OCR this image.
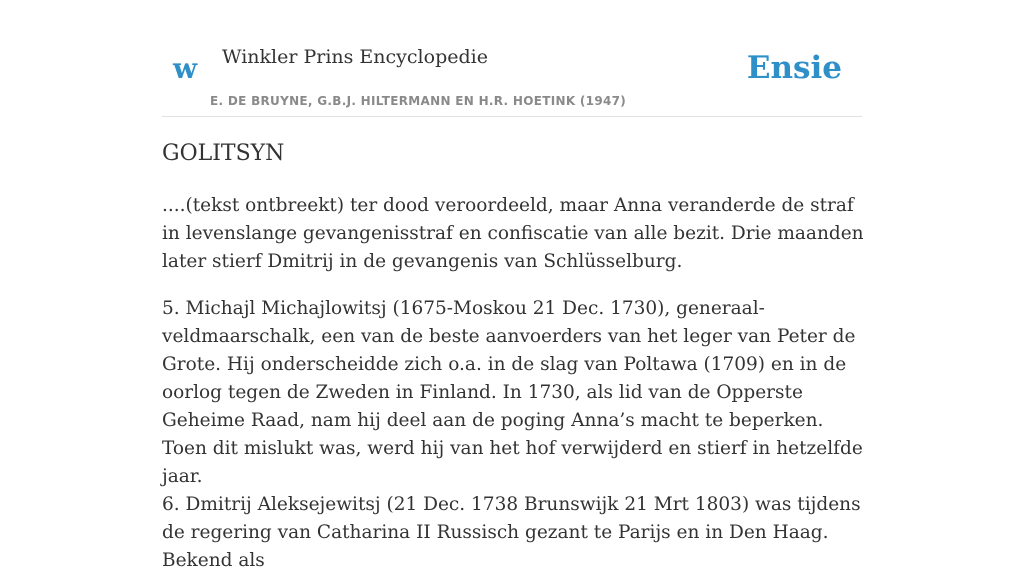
w Winkler Prins Encyclopedie
E. DE BRUYNE, G.B.J. HILTERMANN EN H.R. HOETINK (1947)
Ensie
GOLITSYN

....(tekst ontbreekt) ter dood veroordeeld, maar Anna veranderde de straf in levenslange gevangenisstraf en confiscatie van alle bezit. Drie maanden later stierf Dmitrij in de gevangenis van Schlüsselburg.

5. Michajl Michajlowitsj (1675-Moskou 21 Dec. 1730), generaal-veldmaarschalk, een van de beste aanvoerders van het leger van Peter de Grote. Hij onderscheidde zich o.a. in de slag van Poltawa (1709) en in de oorlog tegen de Zweden in Finland. In 1730, als lid van de Opperste Geheime Raad, nam hij deel aan de poging Anna’s macht te beperken. Toen dit mislukt was, werd hij van het hof verwijderd en stierf in hetzelfde jaar.

6. Dmitrij Aleksejewitsj (21 Dec. 1738 Brunswijk 21 Mrt 1803) was tijdens de regering van Catharina II Russisch gezant te Parijs en in Den Haag. Bekend als
